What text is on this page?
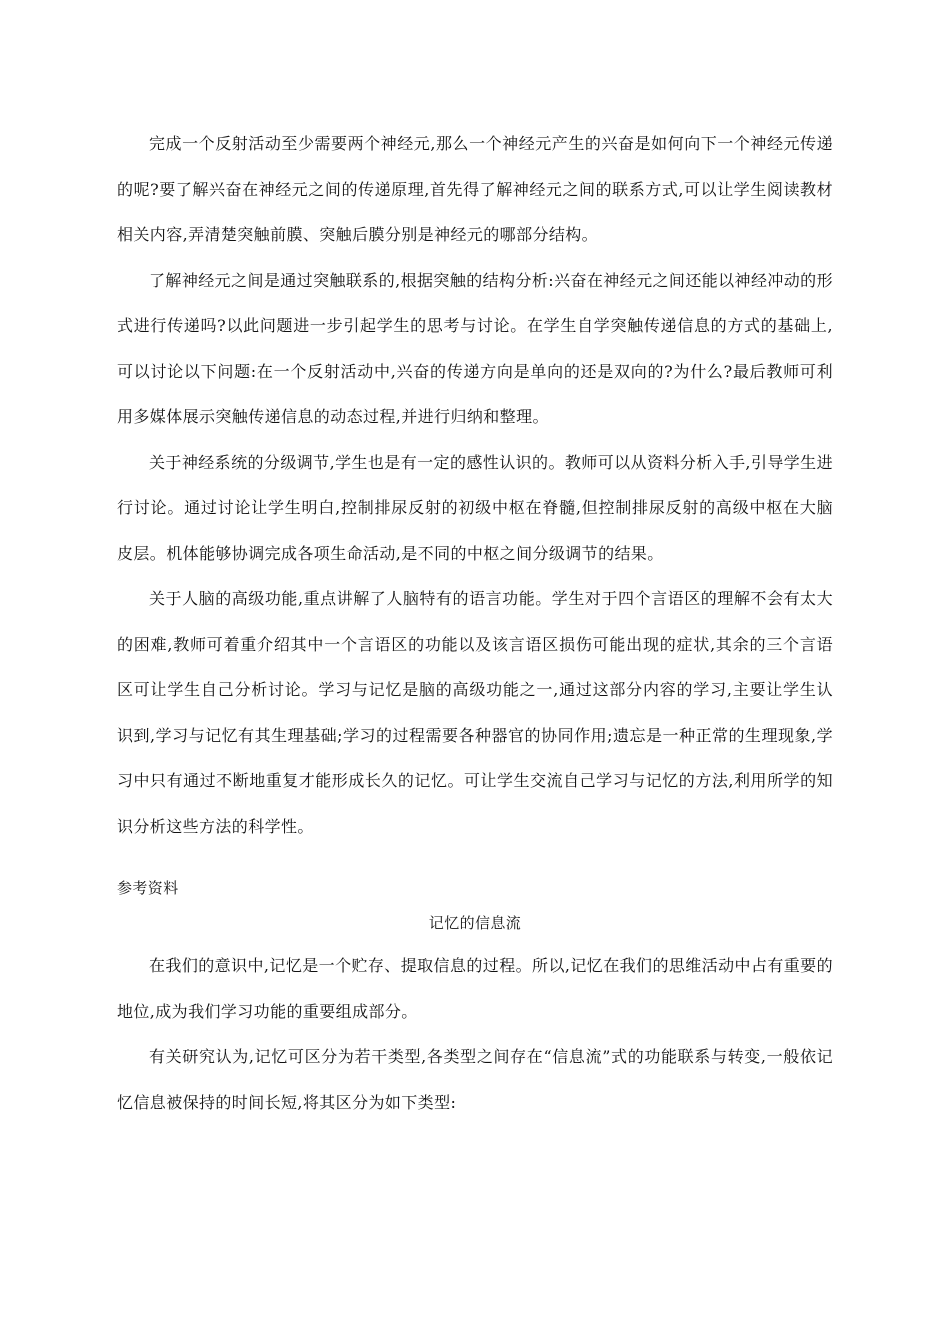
完成一个反射活动至少需要两个神经元,那么一个神经元产生的兴奋是如何向下一个神经元传递的呢?要了解兴奋在神经元之间的传递原理,首先得了解神经元之间的联系方式,可以让学生阅读教材相关内容,弄清楚突触前膜、突触后膜分别是神经元的哪部分结构。

了解神经元之间是通过突触联系的,根据突触的结构分析:兴奋在神经元之间还能以神经冲动的形式进行传递吗?以此问题进一步引起学生的思考与讨论。在学生自学突触传递信息的方式的基础上,可以讨论以下问题:在一个反射活动中,兴奋的传递方向是单向的还是双向的?为什么?最后教师可利用多媒体展示突触传递信息的动态过程,并进行归纳和整理。

关于神经系统的分级调节,学生也是有一定的感性认识的。教师可以从资料分析入手,引导学生进行讨论。通过讨论让学生明白,控制排尿反射的初级中枢在脊髓,但控制排尿反射的高级中枢在大脑皮层。机体能够协调完成各项生命活动,是不同的中枢之间分级调节的结果。

关于人脑的高级功能,重点讲解了人脑特有的语言功能。学生对于四个言语区的理解不会有太大的困难,教师可着重介绍其中一个言语区的功能以及该言语区损伤可能出现的症状,其余的三个言语区可让学生自己分析讨论。学习与记忆是脑的高级功能之一,通过这部分内容的学习,主要让学生认识到,学习与记忆有其生理基础;学习的过程需要各种器官的协同作用;遗忘是一种正常的生理现象,学习中只有通过不断地重复才能形成长久的记忆。可让学生交流自己学习与记忆的方法,利用所学的知识分析这些方法的科学性。

参考资料

记忆的信息流

在我们的意识中,记忆是一个贮存、提取信息的过程。所以,记忆在我们的思维活动中占有重要的地位,成为我们学习功能的重要组成部分。

有关研究认为,记忆可区分为若干类型,各类型之间存在“信息流”式的功能联系与转变,一般依记忆信息被保持的时间长短,将其区分为如下类型:
